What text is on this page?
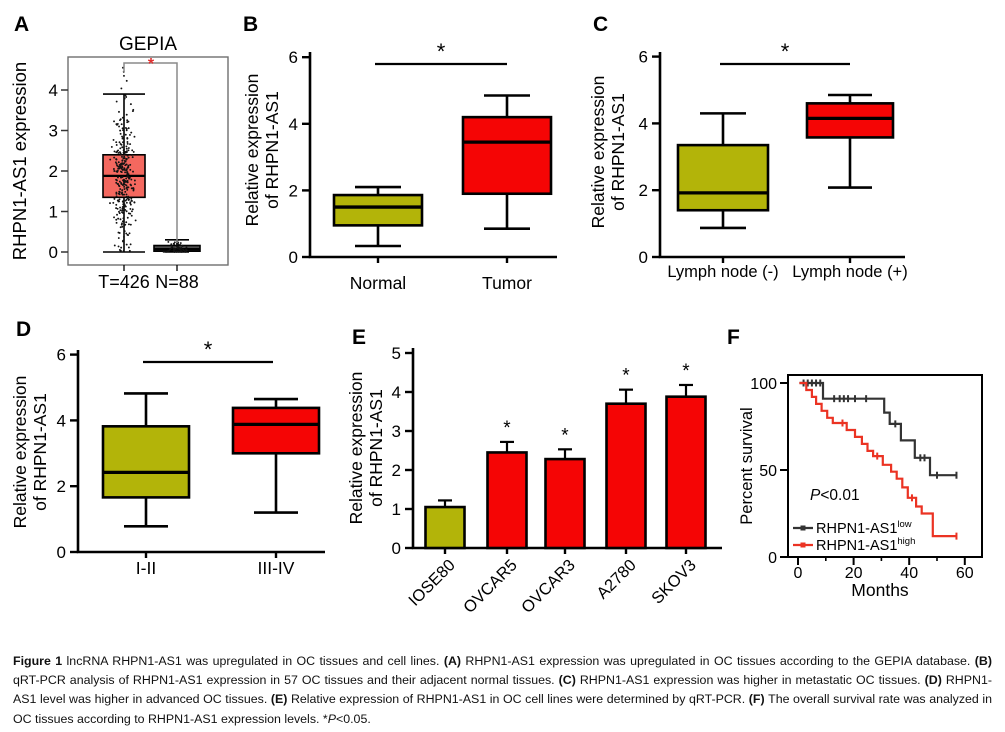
A
0
1
2
3
4
GEPIA
RHPN1-AS1 expression
T=426 N=88
*
B
0
2
4
6
Relative expression of RHPN1-AS1
Normal	Tumor
*
C
0
2
4
6
Relative expression of RHPN1-AS1
Lymph node (-) Lymph node (+)
*
D
0
2
4
6
Relative expression of RHPN1-AS1
I-II	III-IV
*	E
0
1
2
3
4
5
Relative expression of RHPN1-AS1
IOSE80 OVCAR5
*
OVCAR3
*
A2780
*
SKOV3
*
F
0
50
100
0	20 40 60
Months
Percent survival	P<0.01
$RHPN1-AS1^{low}$
$RHPN1-AS1^{high}$

Figure 1 lncRNA RHPN1-AS1 was upregulated in OC tissues and cell lines. (A) RHPN1-AS1 expression was upregulated in OC tissues according to the GEPIA database. (B) qRT-PCR analysis of RHPN1-AS1 expression in 57 OC tissues and their adjacent normal tissues. (C) RHPN1-AS1 expression was higher in metastatic OC tissues. (D) RHPN1-AS1 level was higher in advanced OC tissues. (E) Relative expression of RHPN1-AS1 in OC cell lines were determined by qRT-PCR. (F) The overall survival rate was analyzed in OC tissues according to RHPN1-AS1 expression levels. *P<0.05.
